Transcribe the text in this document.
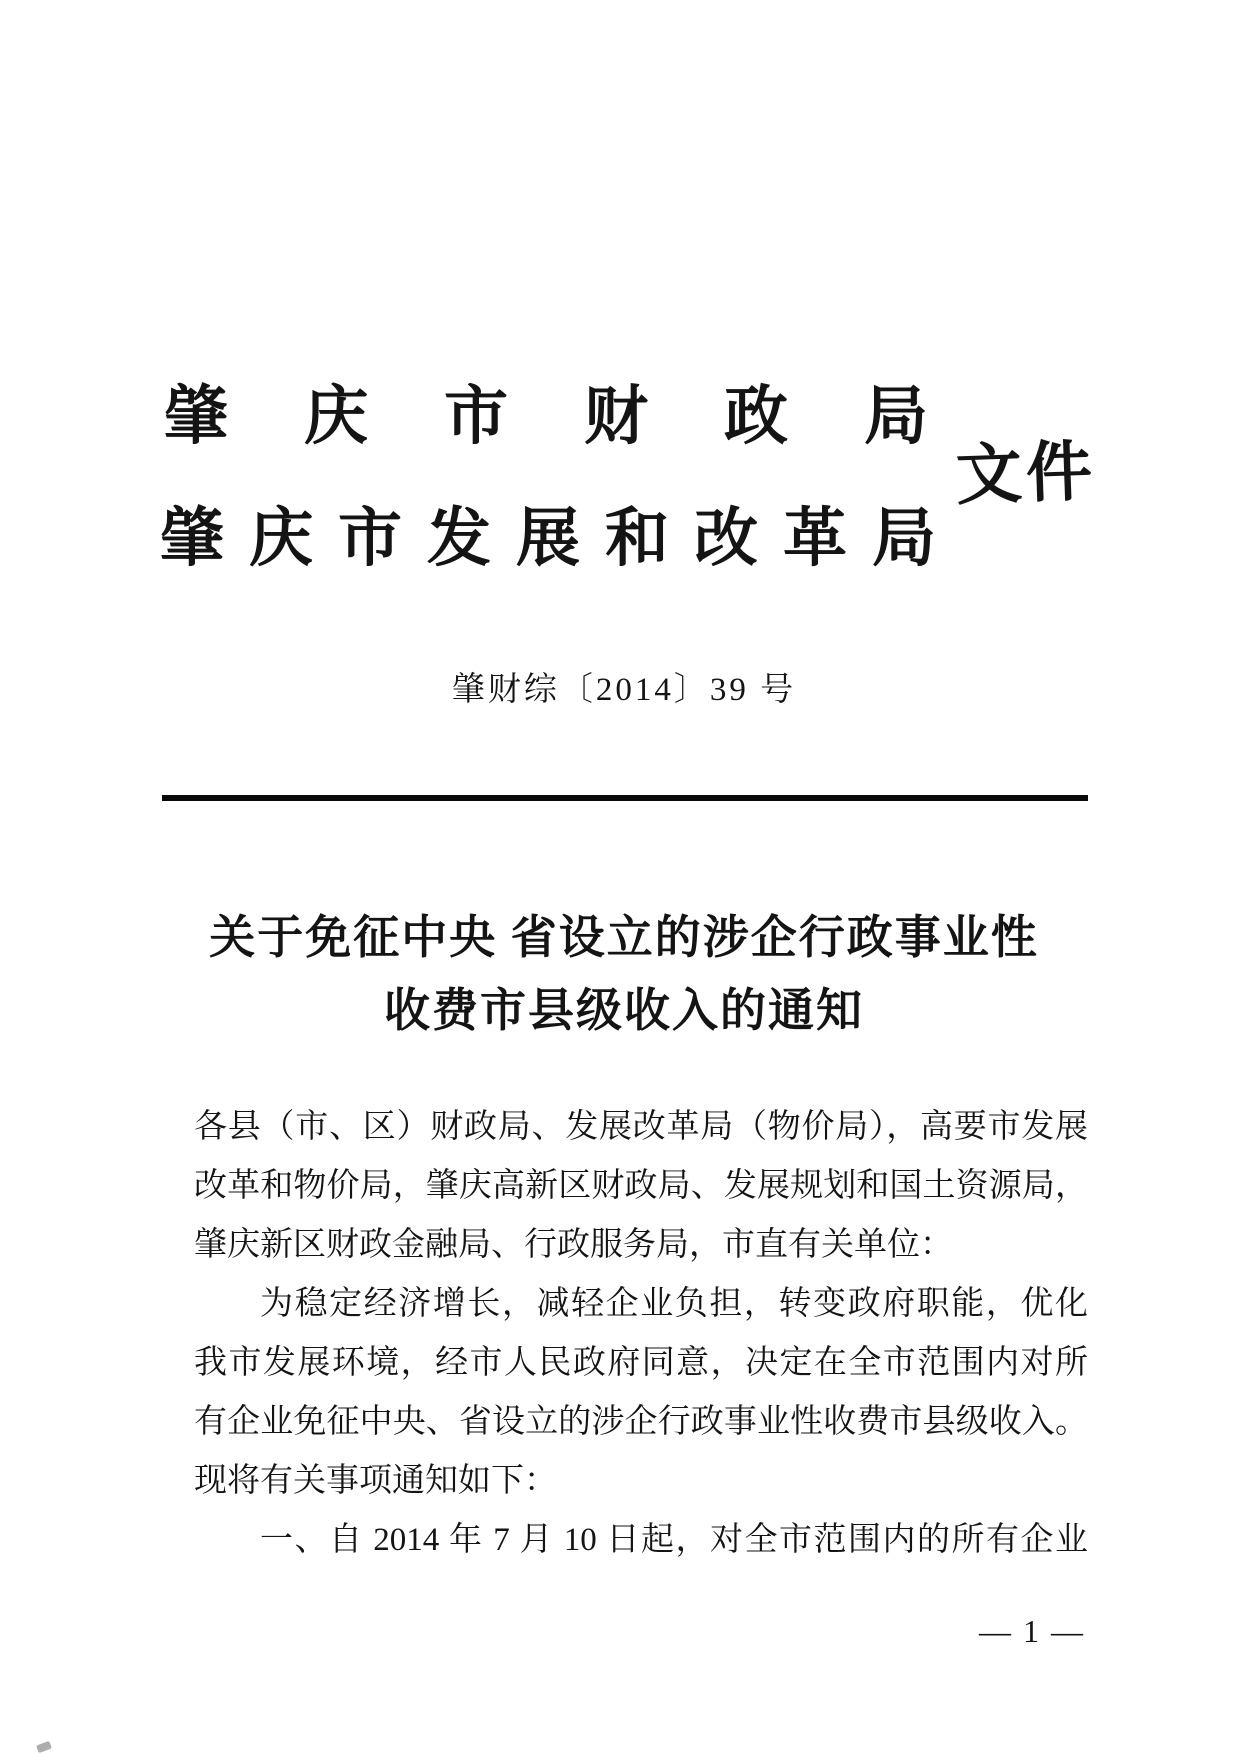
肇庆市财政局
肇庆市发展和改革局
文件
肇财综〔2014〕39 号
关于免征中央 省设立的涉企行政事业性
收费市县级收入的通知
各县（市、区）财政局、发展改革局（物价局），高要市发展
改革和物价局，肇庆高新区财政局、发展规划和国土资源局，
肇庆新区财政金融局、行政服务局，市直有关单位：
为稳定经济增长，减轻企业负担，转变政府职能，优化
我市发展环境，经市人民政府同意，决定在全市范围内对所
有企业免征中央、省设立的涉企行政事业性收费市县级收入。
现将有关事项通知如下：
一、自 2014 年 7 月 10 日起，对全市范围内的所有企业
— 1 —
